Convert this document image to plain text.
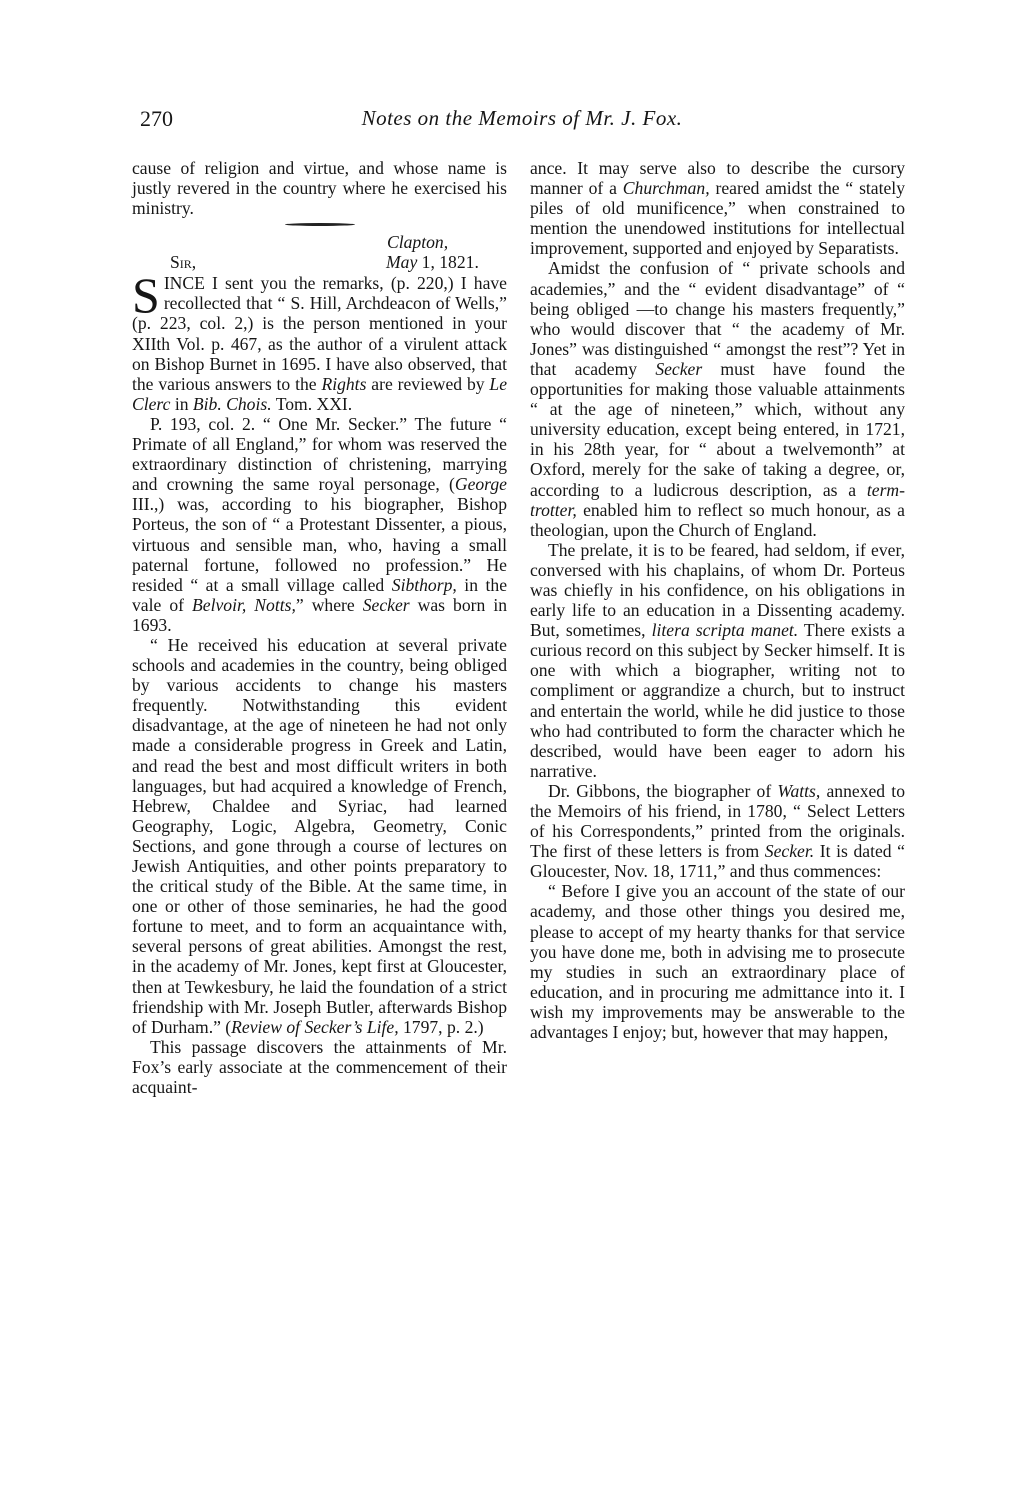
270	Notes on the Memoirs of Mr. J. Fox.

cause of religion and virtue, and whose name is justly revered in the country where he exercised his ministry.

Clapton,
Sir,	May 1, 1821.

SINCE I sent you the remarks, (p. 220,) I have recollected that “ S. Hill, Archdeacon of Wells,” (p. 223, col. 2,) is the person mentioned in your XIIth Vol. p. 467, as the author of a virulent attack on Bishop Burnet in 1695. I have also observed, that the various answers to the Rights are reviewed by Le Clerc in Bib. Chois. Tom. XXI.

P. 193, col. 2. “ One Mr. Secker.” The future “ Primate of all England,” for whom was reserved the extraordinary distinction of christening, marrying and crowning the same royal personage, (George III.,) was, according to his biographer, Bishop Porteus, the son of “ a Protestant Dissenter, a pious, virtuous and sensible man, who, having a small paternal fortune, followed no profession.” He resided “ at a small village called Sibthorp, in the vale of Belvoir, Notts,” where Secker was born in 1693.

“ He received his education at several private schools and academies in the country, being obliged by various accidents to change his masters frequently. Notwithstanding this evident disadvantage, at the age of nineteen he had not only made a considerable progress in Greek and Latin, and read the best and most difficult writers in both languages, but had acquired a knowledge of French, Hebrew, Chaldee and Syriac, had learned Geography, Logic, Algebra, Geometry, Conic Sections, and gone through a course of lectures on Jewish Antiquities, and other points preparatory to the critical study of the Bible. At the same time, in one or other of those seminaries, he had the good fortune to meet, and to form an acquaintance with, several persons of great abilities. Amongst the rest, in the academy of Mr. Jones, kept first at Gloucester, then at Tewkesbury, he laid the foundation of a strict friendship with Mr. Joseph Butler, afterwards Bishop of Durham.” (Review of Secker’s Life, 1797, p. 2.)

This passage discovers the attainments of Mr. Fox’s early associate at the commencement of their acquaint-

ance. It may serve also to describe the cursory manner of a Churchman, reared amidst the “ stately piles of old munificence,” when constrained to mention the unendowed institutions for intellectual improvement, supported and enjoyed by Separatists.

Amidst the confusion of “ private schools and academies,” and the “ evident disadvantage” of “ being obliged —to change his masters frequently,” who would discover that “ the academy of Mr. Jones” was distinguished “ amongst the rest”? Yet in that academy Secker must have found the opportunities for making those valuable attainments “ at the age of nineteen,” which, without any university education, except being entered, in 1721, in his 28th year, for “ about a twelvemonth” at Oxford, merely for the sake of taking a degree, or, according to a ludicrous description, as a term-trotter, enabled him to reflect so much honour, as a theologian, upon the Church of England.

The prelate, it is to be feared, had seldom, if ever, conversed with his chaplains, of whom Dr. Porteus was chiefly in his confidence, on his obligations in early life to an education in a Dissenting academy. But, sometimes, litera scripta manet. There exists a curious record on this subject by Secker himself. It is one with which a biographer, writing not to compliment or aggrandize a church, but to instruct and entertain the world, while he did justice to those who had contributed to form the character which he described, would have been eager to adorn his narrative.

Dr. Gibbons, the biographer of Watts, annexed to the Memoirs of his friend, in 1780, “ Select Letters of his Correspondents,” printed from the originals. The first of these letters is from Secker. It is dated “ Gloucester, Nov. 18, 1711,” and thus commences:

“ Before I give you an account of the state of our academy, and those other things you desired me, please to accept of my hearty thanks for that service you have done me, both in advising me to prosecute my studies in such an extraordinary place of education, and in procuring me admittance into it. I wish my improvements may be answerable to the advantages I enjoy; but, however that may happen,
